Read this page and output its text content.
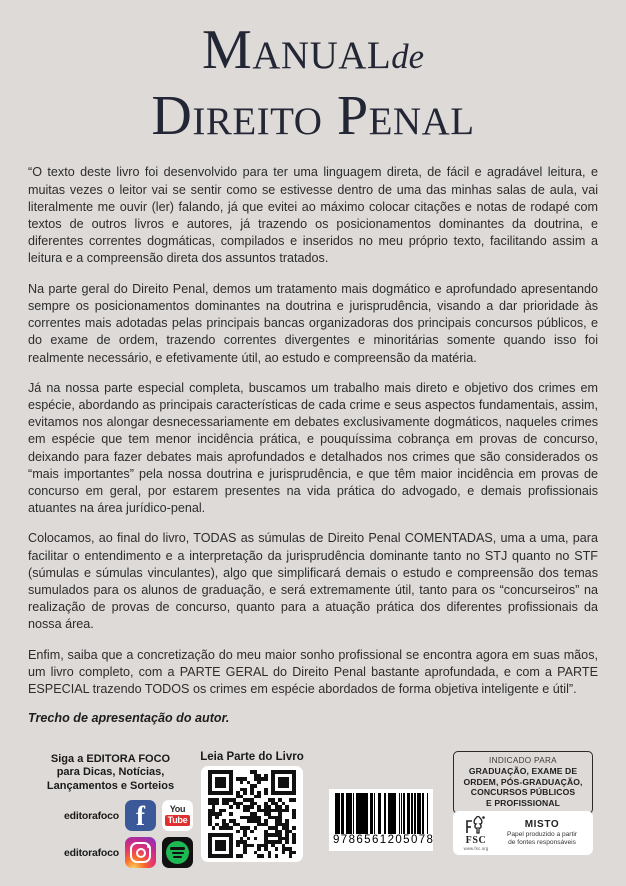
Manualde
Direito Penal

“O texto deste livro foi desenvolvido para ter uma linguagem direta, de fácil e agradável leitura, e muitas vezes o leitor vai se sentir como se estivesse dentro de uma das minhas salas de aula, vai literalmente me ouvir (ler) falando, já que evitei ao máximo colocar citações e notas de rodapé com textos de outros livros e autores, já trazendo os posicionamentos dominantes da doutrina, e diferentes correntes dogmáticas, compilados e inseridos no meu próprio texto, facilitando assim a leitura e a compreensão direta dos assuntos tratados.

Na parte geral do Direito Penal, demos um tratamento mais dogmático e aprofundado apresentando sempre os posicionamentos dominantes na doutrina e jurisprudência, visando a dar prioridade às correntes mais adotadas pelas principais bancas organizadoras dos principais concursos públicos, e do exame de ordem, trazendo correntes divergentes e minoritárias somente quando isso foi realmente necessário, e efetivamente útil, ao estudo e compreensão da matéria.

Já na nossa parte especial completa, buscamos um trabalho mais direto e objetivo dos crimes em espécie, abordando as principais características de cada crime e seus aspectos fundamentais, assim, evitamos nos alongar desnecessariamente em debates exclusivamente dogmáticos, naqueles crimes em espécie que tem menor incidência prática, e pouquíssima cobrança em provas de concurso, deixando para fazer debates mais aprofundados e detalhados nos crimes que são considerados os “mais importantes” pela nossa doutrina e jurisprudência, e que têm maior incidência em provas de concurso em geral, por estarem presentes na vida prática do advogado, e demais profissionais atuantes na área jurídico-penal.

Colocamos, ao final do livro, TODAS as súmulas de Direito Penal COMENTADAS, uma a uma, para facilitar o entendimento e a interpretação da jurisprudência dominante tanto no STJ quanto no STF (súmulas e súmulas vinculantes), algo que simplificará demais o estudo e compreensão dos temas sumulados para os alunos de graduação, e será extremamente útil, tanto para os “concurseiros” na realização de provas de concurso, quanto para a atuação prática dos diferentes profissionais da nossa área.

Enfim, saiba que a concretização do meu maior sonho profissional se encontra agora em suas mãos, um livro completo, com a PARTE GERAL do Direito Penal bastante aprofundada, e com a PARTE ESPECIAL trazendo TODOS os crimes em espécie abordados de forma objetiva inteligente e útil”.

Trecho de apresentação do autor.
Siga a EDITORA FOCO
para Dicas, Notícias,
Lançamentos e Sorteios
editorafoco
f
You
Tube
editorafoco
Leia Parte do Livro
9786561205078
INDICADO PARA
GRADUAÇÃO, EXAME DE
ORDEM, PÓS-GRADUAÇÃO,
CONCURSOS PÚBLICOS
E PROFISSIONAL
FSC
www.fsc.org
MISTO
Papel produzido a partir
de fontes responsáveis
